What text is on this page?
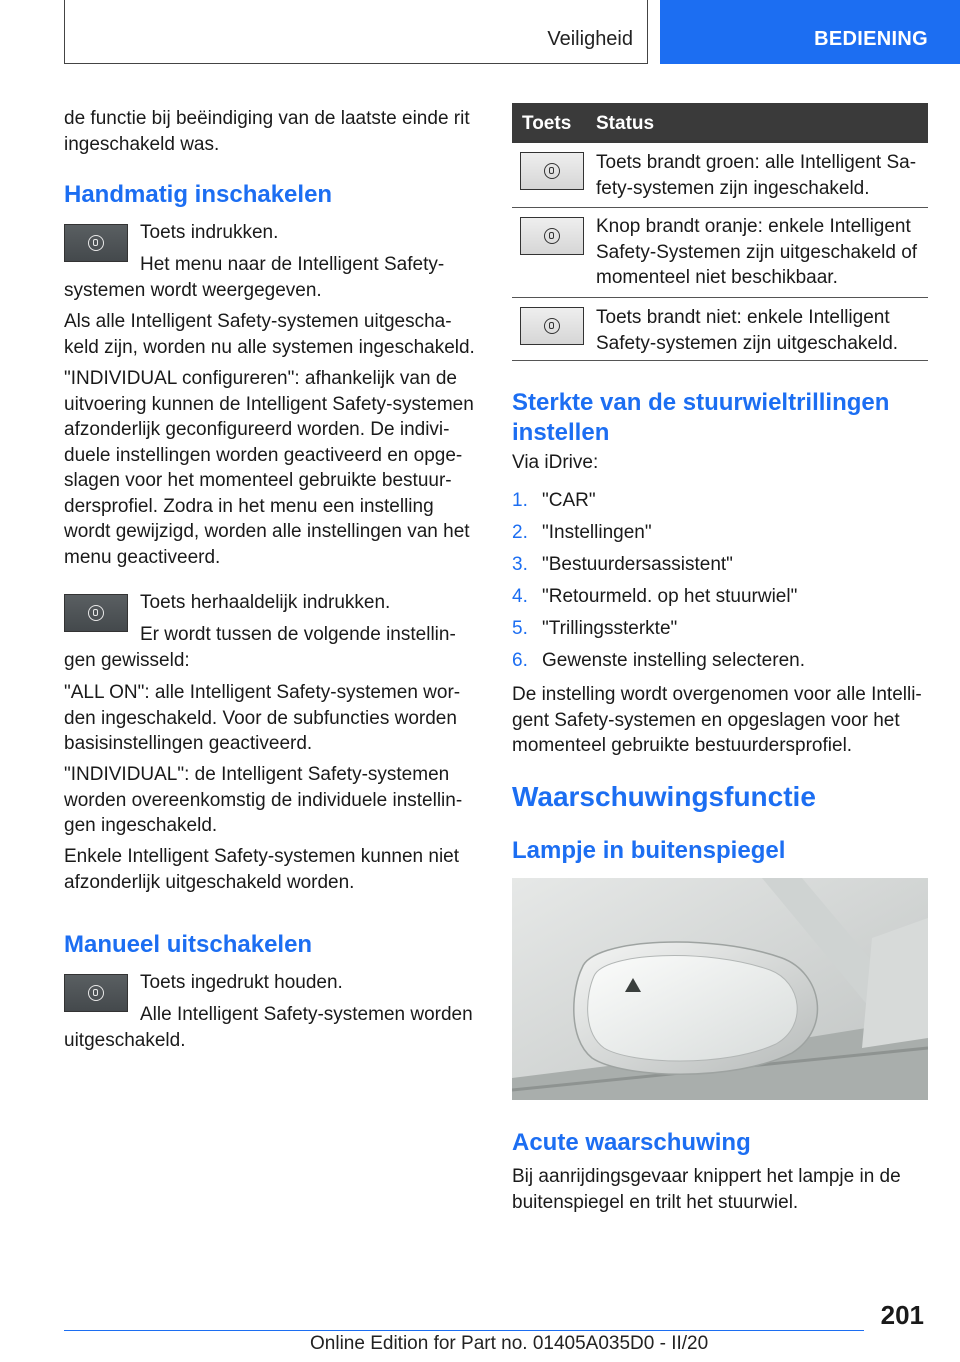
Veiligheid	BEDIENING

de functie bij beëindiging van de laatste einde rit

ingeschakeld was.

Handmatig inschakelen

Toets indrukken.

Het menu naar de Intelligent Safety-

systemen wordt weergegeven.

Als alle Intelligent Safety-systemen uitgescha-

keld zijn, worden nu alle systemen ingeschakeld.

"INDIVIDUAL configureren": afhankelijk van de

uitvoering kunnen de Intelligent Safety-systemen

afzonderlijk geconfigureerd worden. De indivi-

duele instellingen worden geactiveerd en opge-

slagen voor het momenteel gebruikte bestuur-

dersprofiel. Zodra in het menu een instelling

wordt gewijzigd, worden alle instellingen van het

menu geactiveerd.

Toets herhaaldelijk indrukken.

Er wordt tussen de volgende instellin-

gen gewisseld:

"ALL ON": alle Intelligent Safety-systemen wor-

den ingeschakeld. Voor de subfuncties worden

basisinstellingen geactiveerd.

"INDIVIDUAL": de Intelligent Safety-systemen

worden overeenkomstig de individuele instellin-

gen ingeschakeld.

Enkele Intelligent Safety-systemen kunnen niet

afzonderlijk uitgeschakeld worden.

Manueel uitschakelen

Toets ingedrukt houden.

Alle Intelligent Safety-systemen worden

uitgeschakeld.

Toets Status

Toets brandt groen: alle Intelligent Sa-

fety-systemen zijn ingeschakeld.

Knop brandt oranje: enkele Intelligent

Safety-Systemen zijn uitgeschakeld of

momenteel niet beschikbaar.

Toets brandt niet: enkele Intelligent

Safety-systemen zijn uitgeschakeld.

Sterkte van de stuurwieltrillingen
instellen

Via iDrive:

1. "CAR"
2. "Instellingen"
3. "Bestuurdersassistent"
4. "Retourmeld. op het stuurwiel"
5. "Trillingssterkte"
6. Gewenste instelling selecteren.

De instelling wordt overgenomen voor alle Intelli-

gent Safety-systemen en opgeslagen voor het

momenteel gebruikte bestuurdersprofiel.

Waarschuwingsfunctie
Lampje in buitenspiegel
Acute waarschuwing

Bij aanrijdingsgevaar knippert het lampje in de

buitenspiegel en trilt het stuurwiel.

201
Online Edition for Part no. 01405A035D0 - II/20
